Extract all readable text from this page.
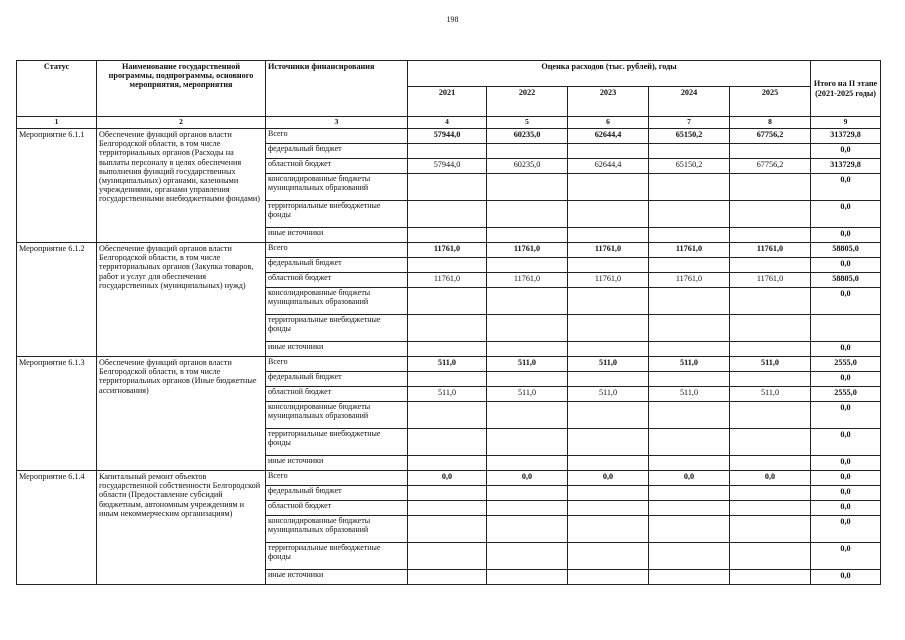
198
Статус	Наименование государственной программы, подпрограммы, основного мероприятия, мероприятия	Источники финансирования	Оценка расходов (тыс. рублей), годы					Итого на II этапе (2021-2025 годы)
			2021	2022	2023	2024	2025	
1	2	3	4	5	6	7	8	9
Мероприятие 6.1.1	Обеспечение функций органов власти Белгородской области, в том числе территориальных органов (Расходы на выплаты персоналу в целях обеспечения выполнения функций государственных (муниципальных) органами, казенными учреждениями, органами управления государственными внебюджетными фондами)	Всего	57944,0	60235,0	62644,4	65150,2	67756,2	313729,8
		федеральный бюджет						0,0
		областной бюджет	57944,0	60235,0	62644,4	65150,2	67756,2	313729,8
		консолидированные бюджеты муниципальных образований						0,0
		территориальные внебюджетные фонды						0,0
		иные источники						0,0
Мероприятие 6.1.2	Обеспечение функций органов власти Белгородской области, в том числе территориальных органов (Закупка товаров, работ и услуг для обеспечения государственных (муниципальных) нужд)	Всего	11761,0	11761,0	11761,0	11761,0	11761,0	58805,0
		федеральный бюджет						0,0
		областной бюджет	11761,0	11761,0	11761,0	11761,0	11761,0	58805,0
		консолидированные бюджеты муниципальных образований						0,0
		территориальные внебюджетные фонды						
		иные источники						0,0
Мероприятие 6.1.3	Обеспечение функций органов власти Белгородской области, в том числе территориальных органов (Иные бюджетные ассигнования)	Всего	511,0	511,0	511,0	511,0	511,0	2555,0
		федеральный бюджет						0,0
		областной бюджет	511,0	511,0	511,0	511,0	511,0	2555,0
		консолидированные бюджеты муниципальных образований						0,0
		территориальные внебюджетные фонды						0,0
		иные источники						0,0
Мероприятие 6.1.4	Капитальный ремонт объектов государственной собственности Белгородской области (Предоставление субсидий бюджетным, автономным учреждениям и иным некоммерческим организациям)	Всего	0,0	0,0	0,0	0,0	0,0	0,0
		федеральный бюджет						0,0
		областной бюджет						0,0
		консолидированные бюджеты муниципальных образований						0,0
		территориальные внебюджетные фонды						0,0
		иные источники						0,0
